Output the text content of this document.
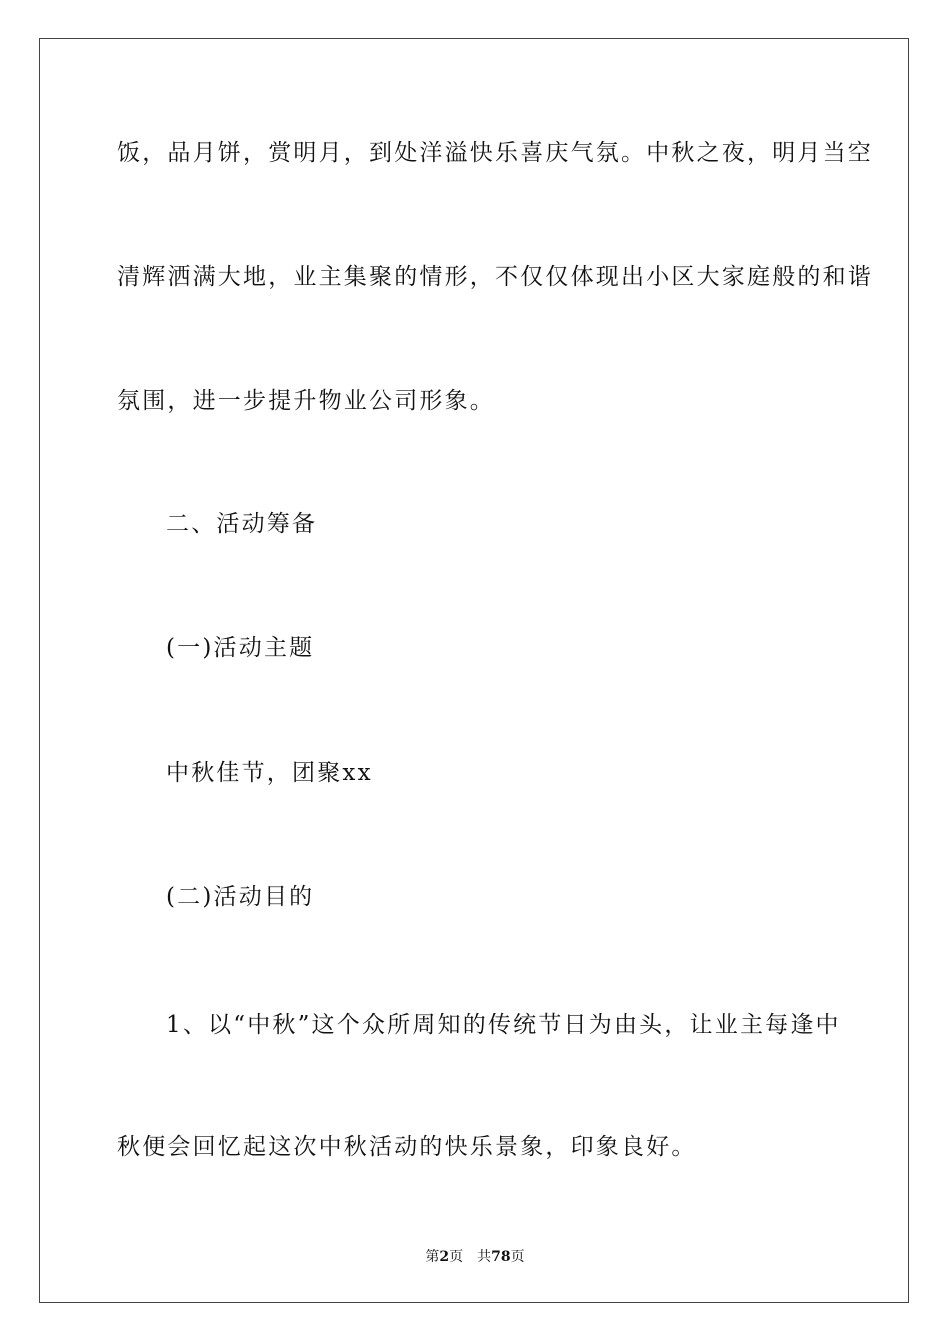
饭，品月饼，赏明月，到处洋溢快乐喜庆气氛。中秋之夜，明月当空
清辉洒满大地，业主集聚的情形，不仅仅体现出小区大家庭般的和谐
氛围，进一步提升物业公司形象。
二、活动筹备
(一)活动主题
中秋佳节，团聚xx
(二)活动目的
1、以“中秋”这个众所周知的传统节日为由头，让业主每逢中
秋便会回忆起这次中秋活动的快乐景象，印象良好。
第2页 共78页
